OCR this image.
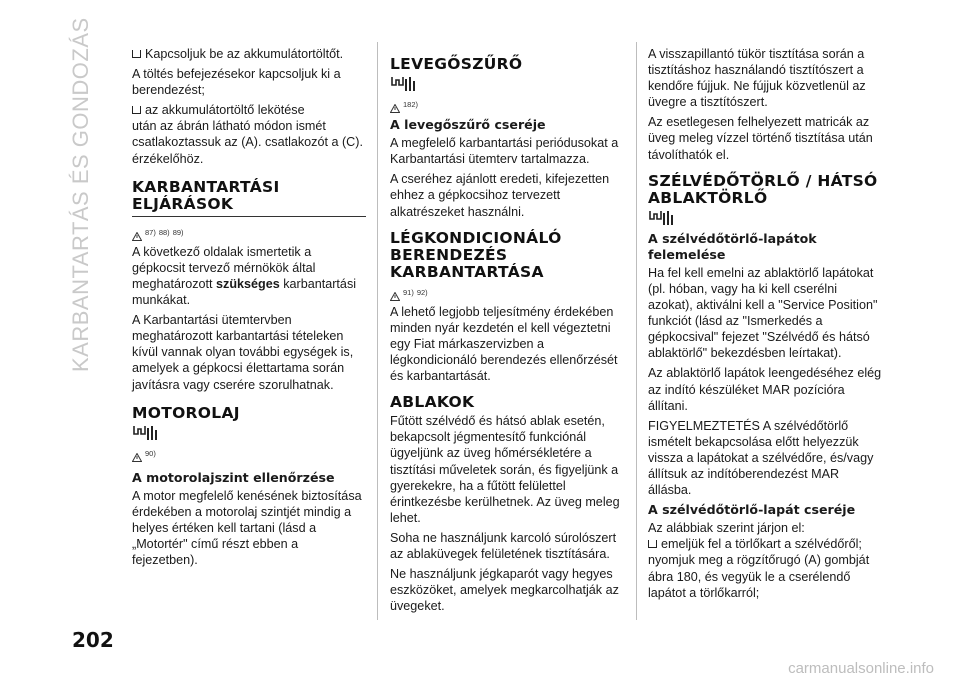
KARBANTARTÁS ÉS GONDOZÁS
202

Kapcsoljuk be az akkumulátortöltőt.

A töltés befejezésekor kapcsoljuk ki a berendezést;

az akkumulátortöltő lekötése

után az ábrán látható módon ismét csatlakoztassuk az (A). csatlakozót a (C). érzékelőhöz.

KARBANTARTÁSI ELJÁRÁSOK
87) 88) 89)

A következő oldalak ismertetik a gépkocsit tervező mérnökök által meghatározott szükséges karbantartási munkákat.

A Karbantartási ütemtervben meghatározott karbantartási tételeken kívül vannak olyan további egységek is, amelyek a gépkocsi élettartama során javításra vagy cserére szorulhatnak.

MOTOROLAJ
90)
A motorolajszint ellenőrzése

A motor megfelelő kenésének biztosítása érdekében a motorolaj szintjét mindig a helyes értéken kell tartani (lásd a „Motortér" című részt ebben a fejezetben).

LEVEGŐSZŰRŐ
182)
A levegőszűrő cseréje

A megfelelő karbantartási periódusokat a Karbantartási ütemterv tartalmazza.

A cseréhez ajánlott eredeti, kifejezetten ehhez a gépkocsihoz tervezett alkatrészeket használni.

LÉGKONDICIONÁLÓ BERENDEZÉS KARBANTARTÁSA
91) 92)

A lehető legjobb teljesítmény érdekében minden nyár kezdetén el kell végeztetni egy Fiat márkaszervizben a légkondicionáló berendezés ellenőrzését és karbantartását.

ABLAKOK

Fűtött szélvédő és hátsó ablak esetén, bekapcsolt jégmentesítő funkciónál ügyeljünk az üveg hőmérsékletére a tisztítási műveletek során, és figyeljünk a gyerekekre, ha a fűtött felülettel érintkezésbe kerülhetnek. Az üveg meleg lehet.

Soha ne használjunk karcoló súrolószert az ablaküvegek felületének tisztítására.

Ne használjunk jégkaparót vagy hegyes eszközöket, amelyek megkarcolhatják az üvegeket.

A visszapillantó tükör tisztítása során a tisztításhoz használandó tisztítószert a kendőre fújjuk. Ne fújjuk közvetlenül az üvegre a tisztítószert.

Az esetlegesen felhelyezett matricák az üveg meleg vízzel történő tisztítása után távolíthatók el.

SZÉLVÉDŐTÖRLŐ / HÁTSÓ ABLAKTÖRLŐ
A szélvédőtörlő-lapátok felemelése

Ha fel kell emelni az ablaktörlő lapátokat (pl. hóban, vagy ha ki kell cserélni azokat), aktiválni kell a "Service Position" funkciót (lásd az "Ismerkedés a gépkocsival" fejezet "Szélvédő és hátsó ablaktörlő" bekezdésben leírtakat).

Az ablaktörlő lapátok leengedéséhez elég az indító készüléket MAR pozícióra állítani.

FIGYELMEZTETÉS A szélvédőtörlő ismételt bekapcsolása előtt helyezzük vissza a lapátokat a szélvédőre, és/vagy állítsuk az indítóberendezést MAR állásba.

A szélvédőtörlő-lapát cseréje

Az alábbiak szerint járjon el:

emeljük fel a törlőkart a szélvédőről; nyomjuk meg a rögzítőrugó (A) gombját ábra 180, és vegyük le a cserélendő lapátot a törlőkarról;

carmanualsonline.info
